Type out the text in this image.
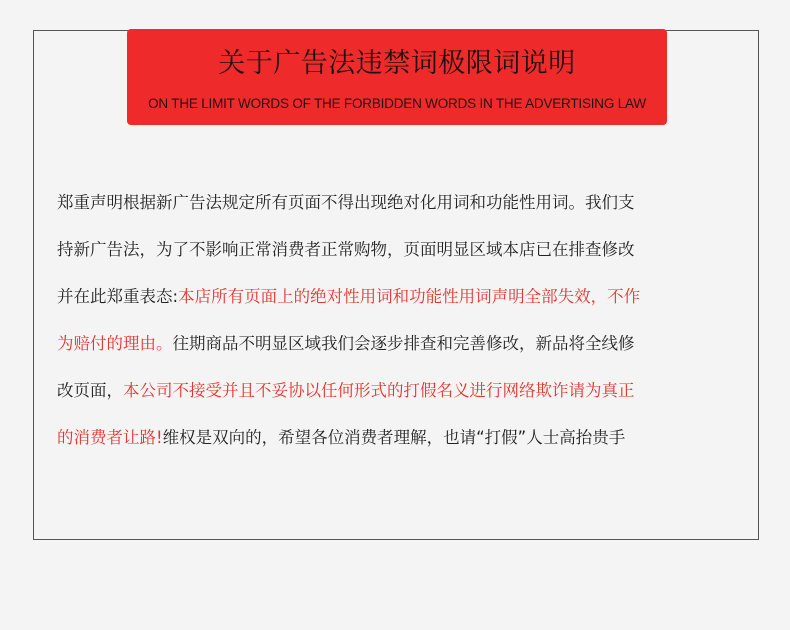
关于广告法违禁词极限词说明
ON THE LIMIT WORDS OF THE FORBIDDEN WORDS IN THE ADVERTISING LAW
郑重声明根据新广告法规定所有页面不得出现绝对化用词和功能性用词。我们支
持新广告法，为了不影响正常消费者正常购物，页面明显区域本店已在排查修改
并在此郑重表态:本店所有页面上的绝对性用词和功能性用词声明全部失效，不作
为赔付的理由。往期商品不明显区域我们会逐步排查和完善修改，新品将全线修
改页面，本公司不接受并且不妥协以任何形式的打假名义进行网络欺诈请为真正
的消费者让路!维权是双向的，希望各位消费者理解，也请“打假”人士高抬贵手
